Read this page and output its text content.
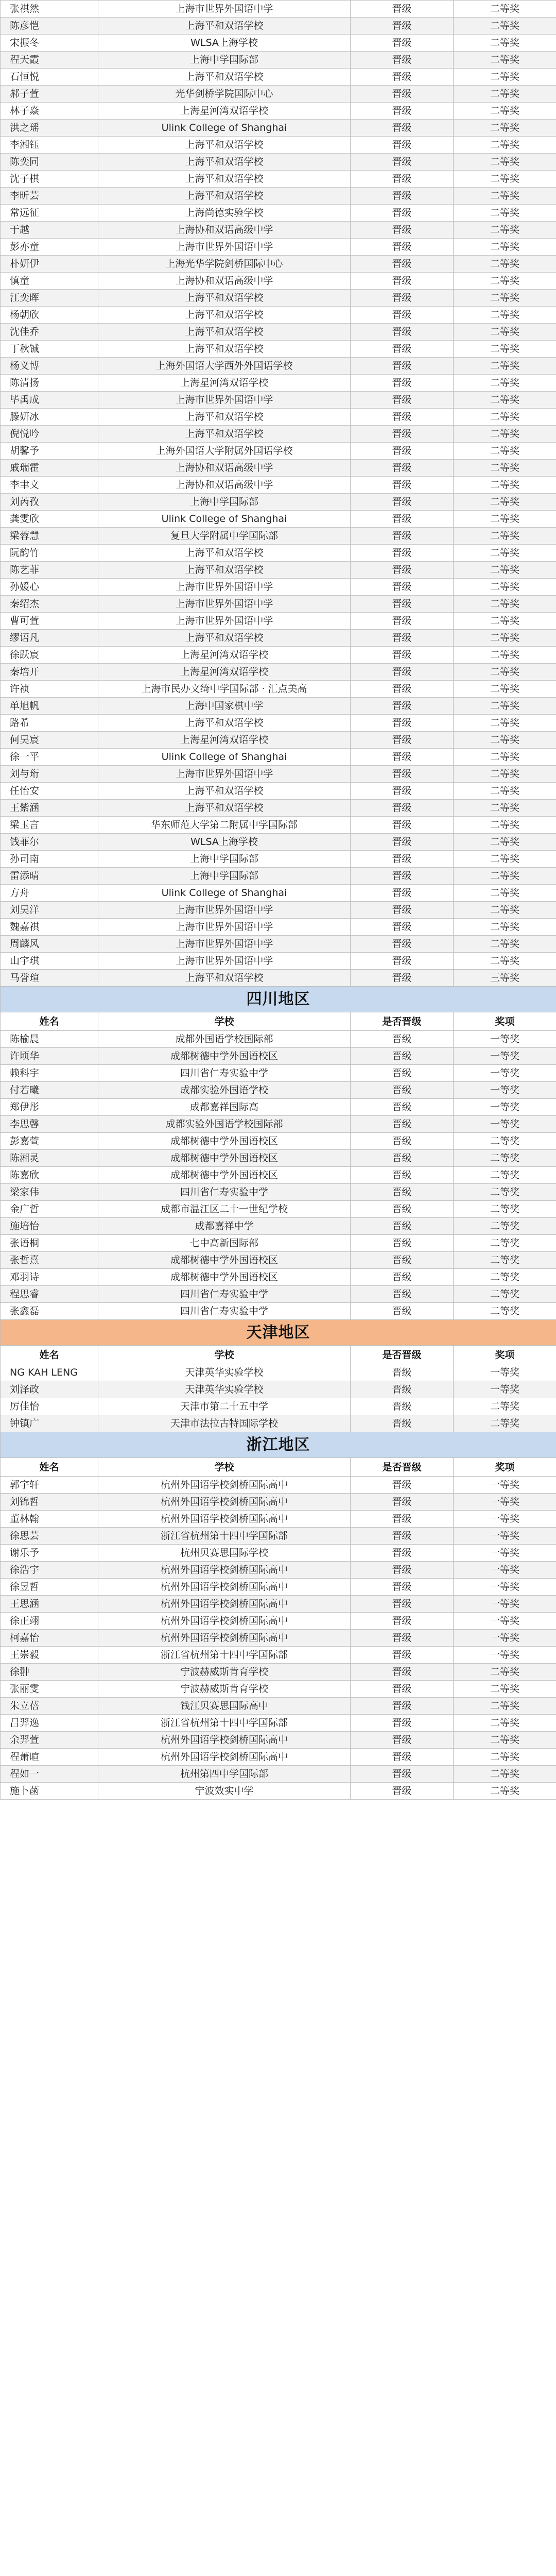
张祺然	上海市世界外国语中学	晋级	二等奖
陈彦恺	上海平和双语学校	晋级	二等奖
宋振冬	WLSA上海学校	晋级	二等奖
程天霞	上海中学国际部	晋级	二等奖
石恒悦	上海平和双语学校	晋级	二等奖
郝子萱	光华剑桥学院国际中心	晋级	二等奖
林子焱	上海星河湾双语学校	晋级	二等奖
洪之瑶	Ulink College of Shanghai	晋级	二等奖
李湘钰	上海平和双语学校	晋级	二等奖
陈奕同	上海平和双语学校	晋级	二等奖
沈子棋	上海平和双语学校	晋级	二等奖
李昕芸	上海平和双语学校	晋级	二等奖
常远征	上海尚德实验学校	晋级	二等奖
于越	上海协和双语高级中学	晋级	二等奖
彭亦童	上海市世界外国语中学	晋级	二等奖
朴妍伊	上海光华学院剑桥国际中心	晋级	二等奖
慎童	上海协和双语高级中学	晋级	二等奖
江奕晖	上海平和双语学校	晋级	二等奖
杨朝欣	上海平和双语学校	晋级	二等奖
沈佳乔	上海平和双语学校	晋级	二等奖
丁秋铖	上海平和双语学校	晋级	二等奖
杨义博	上海外国语大学西外外国语学校	晋级	二等奖
陈清扬	上海星河湾双语学校	晋级	二等奖
毕禹成	上海市世界外国语中学	晋级	二等奖
滕妍冰	上海平和双语学校	晋级	二等奖
倪悦吟	上海平和双语学校	晋级	二等奖
胡馨予	上海外国语大学附属外国语学校	晋级	二等奖
戚瑞霍	上海协和双语高级中学	晋级	二等奖
李聿文	上海协和双语高级中学	晋级	二等奖
刘芮孜	上海中学国际部	晋级	二等奖
龚雯欣	Ulink College of Shanghai	晋级	二等奖
梁蓉慧	复旦大学附属中学国际部	晋级	二等奖
阮韵竹	上海平和双语学校	晋级	二等奖
陈艺菲	上海平和双语学校	晋级	二等奖
孙媛心	上海市世界外国语中学	晋级	二等奖
秦绍杰	上海市世界外国语中学	晋级	二等奖
曹可萱	上海市世界外国语中学	晋级	二等奖
缪语凡	上海平和双语学校	晋级	二等奖
徐跃宸	上海星河湾双语学校	晋级	二等奖
秦培开	上海星河湾双语学校	晋级	二等奖
许祯	上海市民办文绮中学国际部 · 汇点美高	晋级	二等奖
单旭帆	上海中国家棋中学	晋级	二等奖
路希	上海平和双语学校	晋级	二等奖
何昊宸	上海星河湾双语学校	晋级	二等奖
徐一平	Ulink College of Shanghai	晋级	二等奖
刘与珩	上海市世界外国语中学	晋级	二等奖
任怡安	上海平和双语学校	晋级	二等奖
王紫涵	上海平和双语学校	晋级	二等奖
梁玉言	华东师范大学第二附属中学国际部	晋级	二等奖
钱菲尔	WLSA上海学校	晋级	二等奖
孙司南	上海中学国际部	晋级	二等奖
雷添晴	上海中学国际部	晋级	二等奖
方舟	Ulink College of Shanghai	晋级	二等奖
刘昊洋	上海市世界外国语中学	晋级	二等奖
魏嘉祺	上海市世界外国语中学	晋级	二等奖
周麟风	上海市世界外国语中学	晋级	二等奖
山宇琪	上海市世界外国语中学	晋级	二等奖
马誉瑄	上海平和双语学校	晋级	三等奖
四川地区			
姓名	学校	是否晋级	奖项
陈榆晨	成都外国语学校国际部	晋级	一等奖
许顷华	成都树德中学外国语校区	晋级	一等奖
赖科宇	四川省仁寿实验中学	晋级	一等奖
付若曦	成都实验外国语学校	晋级	一等奖
郑伊彤	成都嘉祥国际高	晋级	一等奖
李思馨	成都实验外国语学校国际部	晋级	一等奖
彭嘉萱	成都树德中学外国语校区	晋级	二等奖
陈湘灵	成都树德中学外国语校区	晋级	二等奖
陈嘉欣	成都树德中学外国语校区	晋级	二等奖
梁家伟	四川省仁寿实验中学	晋级	二等奖
金广哲	成都市温江区二十一世纪学校	晋级	二等奖
施培怡	成都嘉祥中学	晋级	二等奖
张语桐	七中高新国际部	晋级	二等奖
张哲熹	成都树德中学外国语校区	晋级	二等奖
邓羽诗	成都树德中学外国语校区	晋级	二等奖
程思睿	四川省仁寿实验中学	晋级	二等奖
张鑫磊	四川省仁寿实验中学	晋级	二等奖
天津地区			
姓名	学校	是否晋级	奖项
NG KAH LENG	天津英华实验学校	晋级	一等奖
刘泽政	天津英华实验学校	晋级	一等奖
厉佳怡	天津市第二十五中学	晋级	二等奖
钟镇广	天津市法拉古特国际学校	晋级	二等奖
浙江地区			
姓名	学校	是否晋级	奖项
郭宇轩	杭州外国语学校剑桥国际高中	晋级	一等奖
刘锦哲	杭州外国语学校剑桥国际高中	晋级	一等奖
董林翰	杭州外国语学校剑桥国际高中	晋级	一等奖
徐思芸	浙江省杭州第十四中学国际部	晋级	一等奖
谢乐予	杭州贝赛思国际学校	晋级	一等奖
徐浩宇	杭州外国语学校剑桥国际高中	晋级	一等奖
徐昱哲	杭州外国语学校剑桥国际高中	晋级	一等奖
王思涵	杭州外国语学校剑桥国际高中	晋级	一等奖
徐正翊	杭州外国语学校剑桥国际高中	晋级	一等奖
柯嘉怡	杭州外国语学校剑桥国际高中	晋级	一等奖
王崇毅	浙江省杭州第十四中学国际部	晋级	一等奖
徐翀	宁波赫威斯肯育学校	晋级	二等奖
张丽雯	宁波赫威斯肯育学校	晋级	二等奖
朱立蓓	钱江贝赛思国际高中	晋级	二等奖
吕羿逸	浙江省杭州第十四中学国际部	晋级	二等奖
余羿萱	杭州外国语学校剑桥国际高中	晋级	二等奖
程萧暄	杭州外国语学校剑桥国际高中	晋级	二等奖
程如一	杭州第四中学国际部	晋级	二等奖
施卜菡	宁波效实中学	晋级	二等奖
